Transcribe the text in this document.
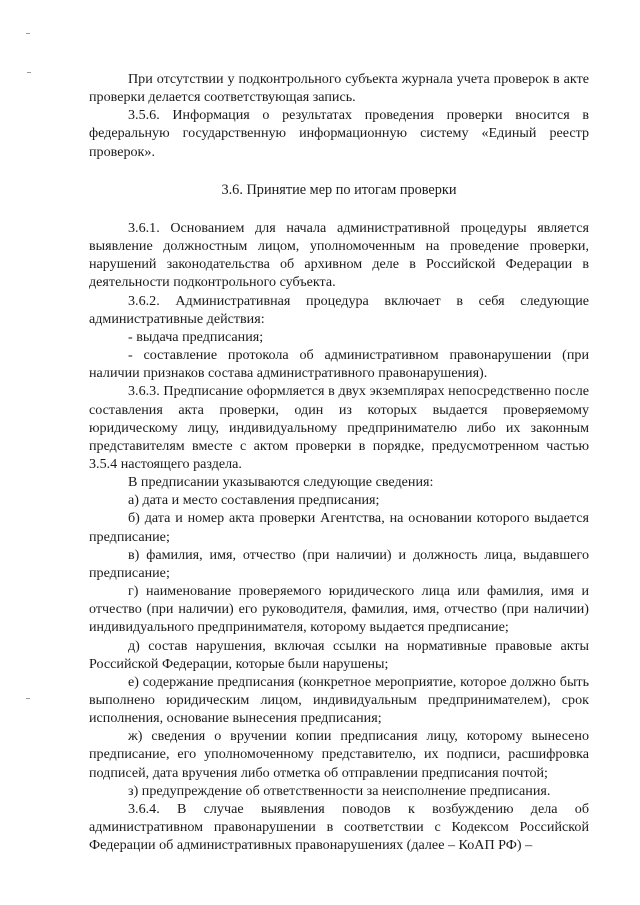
При отсутствии у подконтрольного субъекта журнала учета проверок в акте проверки делается соответствующая запись.

3.5.6. Информация о результатах проведения проверки вносится в федеральную государственную информационную систему «Единый реестр проверок».

3.6. Принятие мер по итогам проверки

3.6.1. Основанием для начала административной процедуры является выявление должностным лицом, уполномоченным на проведение проверки, нарушений законодательства об архивном деле в Российской Федерации в деятельности подконтрольного субъекта.

3.6.2. Административная процедура включает в себя следующие административные действия:

- выдача предписания;

- составление протокола об административном правонарушении (при наличии признаков состава административного правонарушения).

3.6.3. Предписание оформляется в двух экземплярах непосредственно после составления акта проверки, один из которых выдается проверяемому юридическому лицу, индивидуальному предпринимателю либо их законным представителям вместе с актом проверки в порядке, предусмотренном частью 3.5.4 настоящего раздела.

В предписании указываются следующие сведения:

а) дата и место составления предписания;

б) дата и номер акта проверки Агентства, на основании которого выдается предписание;

в) фамилия, имя, отчество (при наличии) и должность лица, выдавшего предписание;

г) наименование проверяемого юридического лица или фамилия, имя и отчество (при наличии) его руководителя, фамилия, имя, отчество (при наличии) индивидуального предпринимателя, которому выдается предписание;

д) состав нарушения, включая ссылки на нормативные правовые акты Российской Федерации, которые были нарушены;

е) содержание предписания (конкретное мероприятие, которое должно быть выполнено юридическим лицом, индивидуальным предпринимателем), срок исполнения, основание вынесения предписания;

ж) сведения о вручении копии предписания лицу, которому вынесено предписание, его уполномоченному представителю, их подписи, расшифровка подписей, дата вручения либо отметка об отправлении предписания почтой;

з) предупреждение об ответственности за неисполнение предписания.

3.6.4. В случае выявления поводов к возбуждению дела об административном правонарушении в соответствии с Кодексом Российской Федерации об административных правонарушениях (далее – КоАП РФ) –
